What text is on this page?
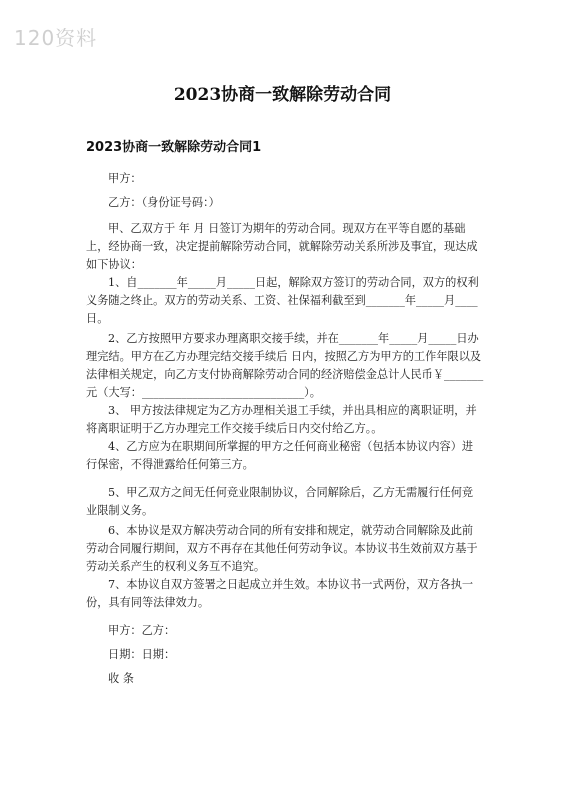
120资料
2023协商一致解除劳动合同
2023协商一致解除劳动合同1
甲方：
乙方：（身份证号码：）

甲、乙双方于 年 月 日签订为期年的劳动合同。现双方在平等自愿的基础上，经协商一致，决定提前解除劳动合同，就解除劳动关系所涉及事宜，现达成如下协议：

1、自_______年_____月_____日起，解除双方签订的劳动合同，双方的权利义务随之终止。双方的劳动关系、工资、社保福利截至到_______年_____月____日。

2、乙方按照甲方要求办理离职交接手续，并在_______年_____月_____日办理完结。甲方在乙方办理完结交接手续后 日内，按照乙方为甲方的工作年限以及法律相关规定，向乙方支付协商解除劳动合同的经济赔偿金总计人民币￥_______元（大写：_____________________________）。

3、 甲方按法律规定为乙方办理相关退工手续，并出具相应的离职证明，并将离职证明于乙方办理完工作交接手续后日内交付给乙方。。

4、乙方应为在职期间所掌握的甲方之任何商业秘密（包括本协议内容）进行保密，不得泄露给任何第三方。

5、甲乙双方之间无任何竞业限制协议，合同解除后，乙方无需履行任何竞业限制义务。

6、本协议是双方解决劳动合同的所有安排和规定，就劳动合同解除及此前劳动合同履行期间，双方不再存在其他任何劳动争议。本协议书生效前双方基于劳动关系产生的权利义务互不追究。

7、本协议自双方签署之日起成立并生效。本协议书一式两份，双方各执一份，具有同等法律效力。

甲方：乙方：
日期：日期：
收 条
